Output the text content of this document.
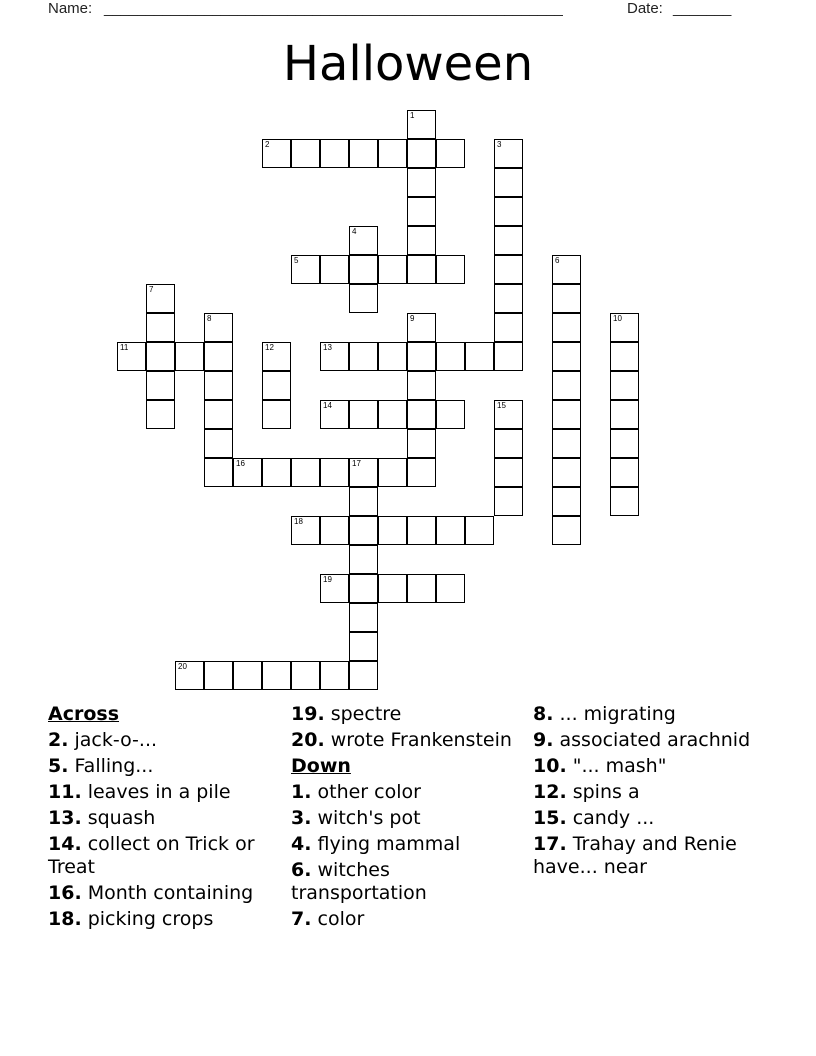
Name: _______________________________________________________	Date: _______
Halloween
2
5
11	13
14
16	17
18
19
20
1
3
4
6
7
8	9	10
12
15
Across
2. jack-o-...
5. Falling...
11. leaves in a pile
13. squash
14. collect on Trick or Treat
16. Month containing
18. picking crops
19. spectre
20. wrote Frankenstein
Down
1. other color
3. witch's pot
4. flying mammal
6. witches transportation
7. color
8. ... migrating
9. associated arachnid
10. "... mash"
12. spins a
15. candy ...
17. Trahay and Renie have... near
